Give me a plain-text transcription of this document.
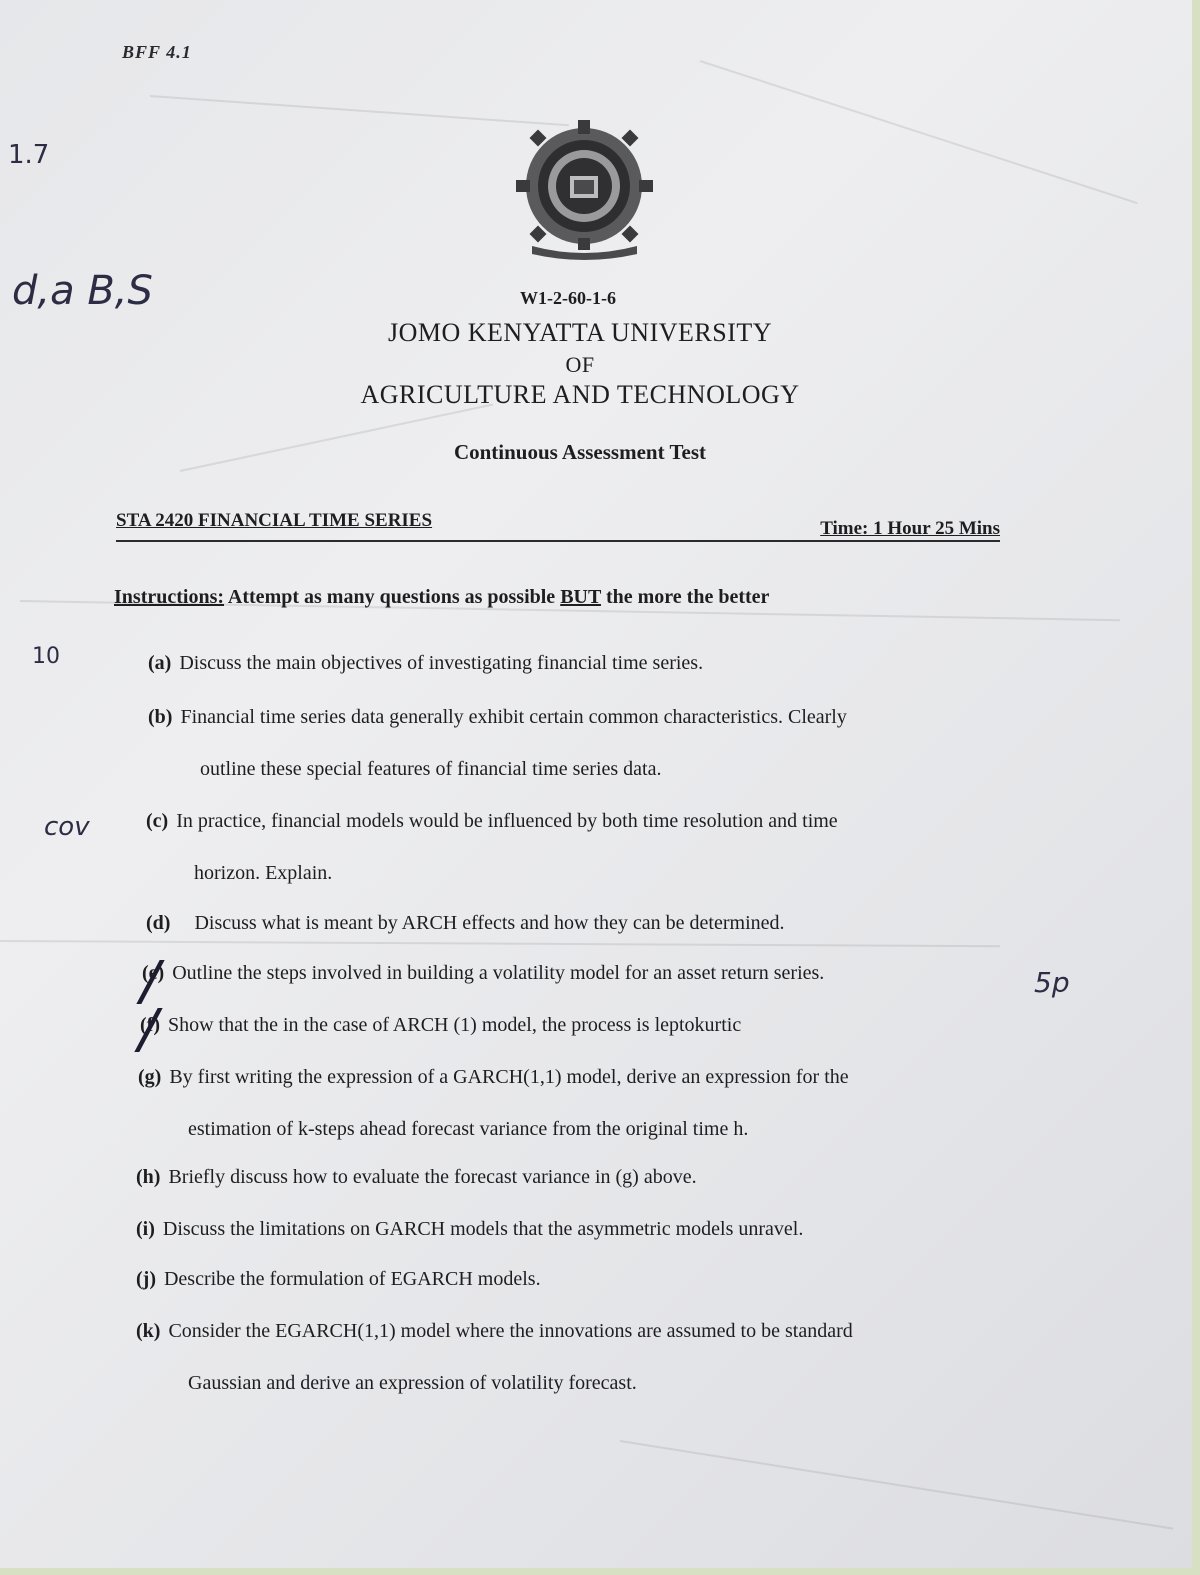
BFF 4.1
1.7
d,a B,S	W1-2-60-1-6
JOMO KENYATTA UNIVERSITY
OF
AGRICULTURE AND TECHNOLOGY
Continuous Assessment Test
STA 2420 FINANCIAL TIME SERIES	Time: 1 Hour 25 Mins
Instructions: Attempt as many questions as possible BUT the more the better
10
cov
5p
(a) Discuss the main objectives of investigating financial time series.
(b) Financial time series data generally exhibit certain common characteristics. Clearly
outline these special features of financial time series data.
(c) In practice, financial models would be influenced by both time resolution and time
horizon. Explain.
(d) Discuss what is meant by ARCH effects and how they can be determined.
(e) Outline the steps involved in building a volatility model for an asset return series.
(f) Show that the in the case of ARCH (1) model, the process is leptokurtic
(g) By first writing the expression of a GARCH(1,1) model, derive an expression for the
estimation of k-steps ahead forecast variance from the original time h.
(h) Briefly discuss how to evaluate the forecast variance in (g) above.
(i) Discuss the limitations on GARCH models that the asymmetric models unravel.
(j) Describe the formulation of EGARCH models.
(k) Consider the EGARCH(1,1) model where the innovations are assumed to be standard
Gaussian and derive an expression of volatility forecast.
